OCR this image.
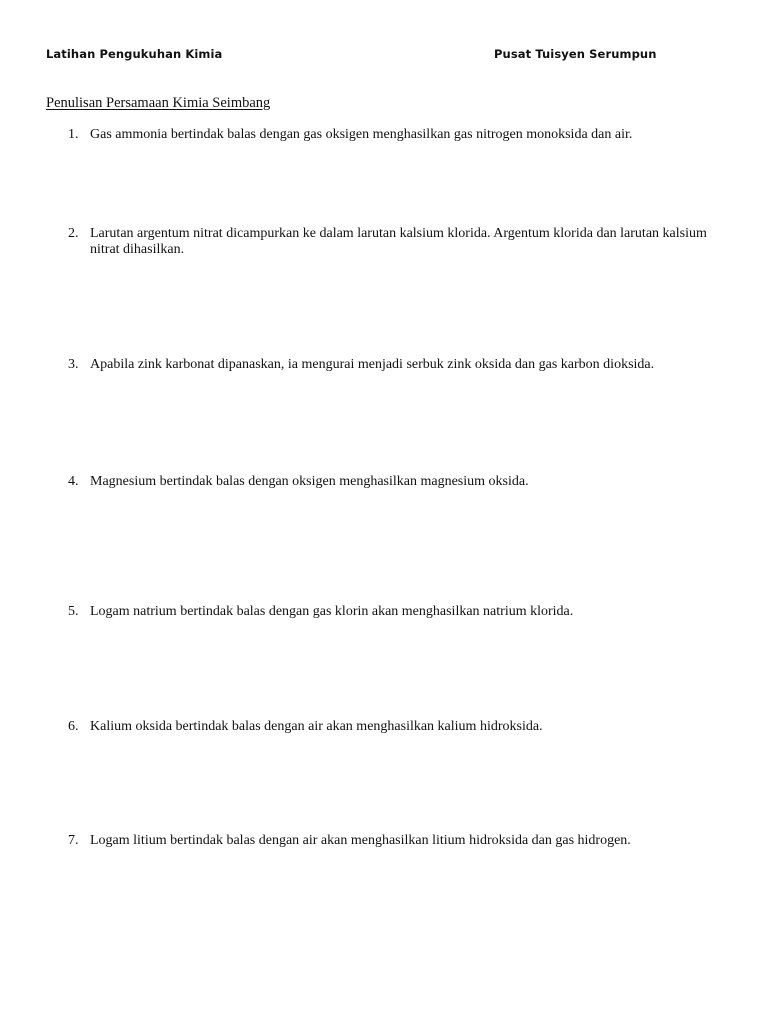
Latihan Pengukuhan Kimia	Pusat Tuisyen Serumpun
Penulisan Persamaan Kimia Seimbang
1. Gas ammonia bertindak balas dengan gas oksigen menghasilkan gas nitrogen monoksida dan air.
2. Larutan argentum nitrat dicampurkan ke dalam larutan kalsium klorida. Argentum klorida dan larutan kalsium nitrat dihasilkan.
3. Apabila zink karbonat dipanaskan, ia mengurai menjadi serbuk zink oksida dan gas karbon dioksida.
4. Magnesium bertindak balas dengan oksigen menghasilkan magnesium oksida.
5. Logam natrium bertindak balas dengan gas klorin akan menghasilkan natrium klorida.
6. Kalium oksida bertindak balas dengan air akan menghasilkan kalium hidroksida.
7. Logam litium bertindak balas dengan air akan menghasilkan litium hidroksida dan gas hidrogen.
